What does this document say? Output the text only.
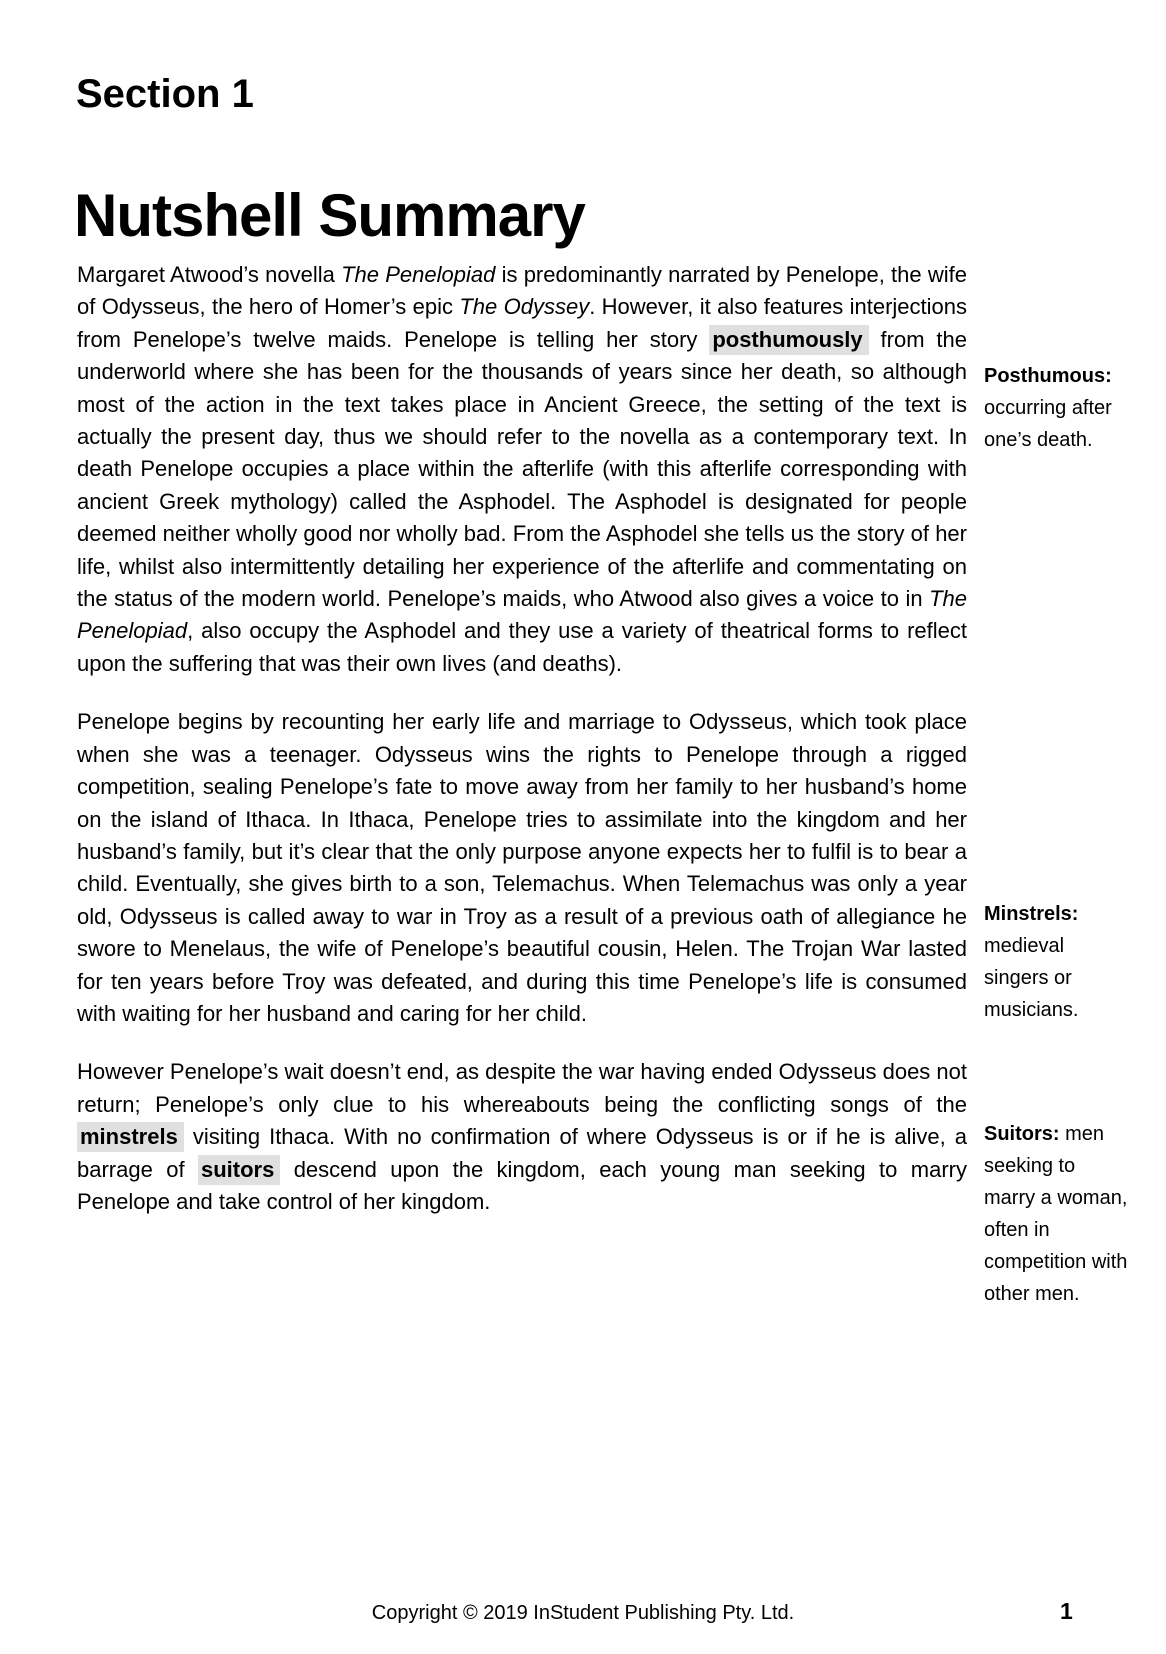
Section 1
Nutshell Summary

Margaret Atwood’s novella The Penelopiad is predominantly narrated by Penelope, the wife of Odysseus, the hero of Homer’s epic The Odyssey. However, it also features interjections from Penelope’s twelve maids. Penelope is telling her story posthumously from the underworld where she has been for the thousands of years since her death, so although most of the action in the text takes place in Ancient Greece, the setting of the text is actually the present day, thus we should refer to the novella as a contemporary text. In death Penelope occupies a place within the afterlife (with this afterlife corresponding with ancient Greek mythology) called the Asphodel. The Asphodel is designated for people deemed neither wholly good nor wholly bad. From the Asphodel she tells us the story of her life, whilst also intermittently detailing her experience of the afterlife and commentating on the status of the modern world. Penelope’s maids, who Atwood also gives a voice to in The Penelopiad, also occupy the Asphodel and they use a variety of theatrical forms to reflect upon the suffering that was their own lives (and deaths).

Penelope begins by recounting her early life and marriage to Odysseus, which took place when she was a teenager. Odysseus wins the rights to Penelope through a rigged competition, sealing Penelope’s fate to move away from her family to her husband’s home on the island of Ithaca. In Ithaca, Penelope tries to assimilate into the kingdom and her husband’s family, but it’s clear that the only purpose anyone expects her to fulfil is to bear a child. Eventually, she gives birth to a son, Telemachus. When Telemachus was only a year old, Odysseus is called away to war in Troy as a result of a previous oath of allegiance he swore to Menelaus, the wife of Penelope’s beautiful cousin, Helen. The Trojan War lasted for ten years before Troy was defeated, and during this time Penelope’s life is consumed with waiting for her husband and caring for her child.

However Penelope’s wait doesn’t end, as despite the war having ended Odysseus does not return; Penelope’s only clue to his whereabouts being the conflicting songs of the minstrels visiting Ithaca. With no confirmation of where Odysseus is or if he is alive, a barrage of suitors descend upon the kingdom, each young man seeking to marry Penelope and take control of her kingdom.

Posthumous: occurring after one’s death.
Minstrels: medieval singers or musicians.
Suitors: men seeking to marry a woman, often in competition with other men.
Copyright © 2019 InStudent Publishing Pty. Ltd.	1
